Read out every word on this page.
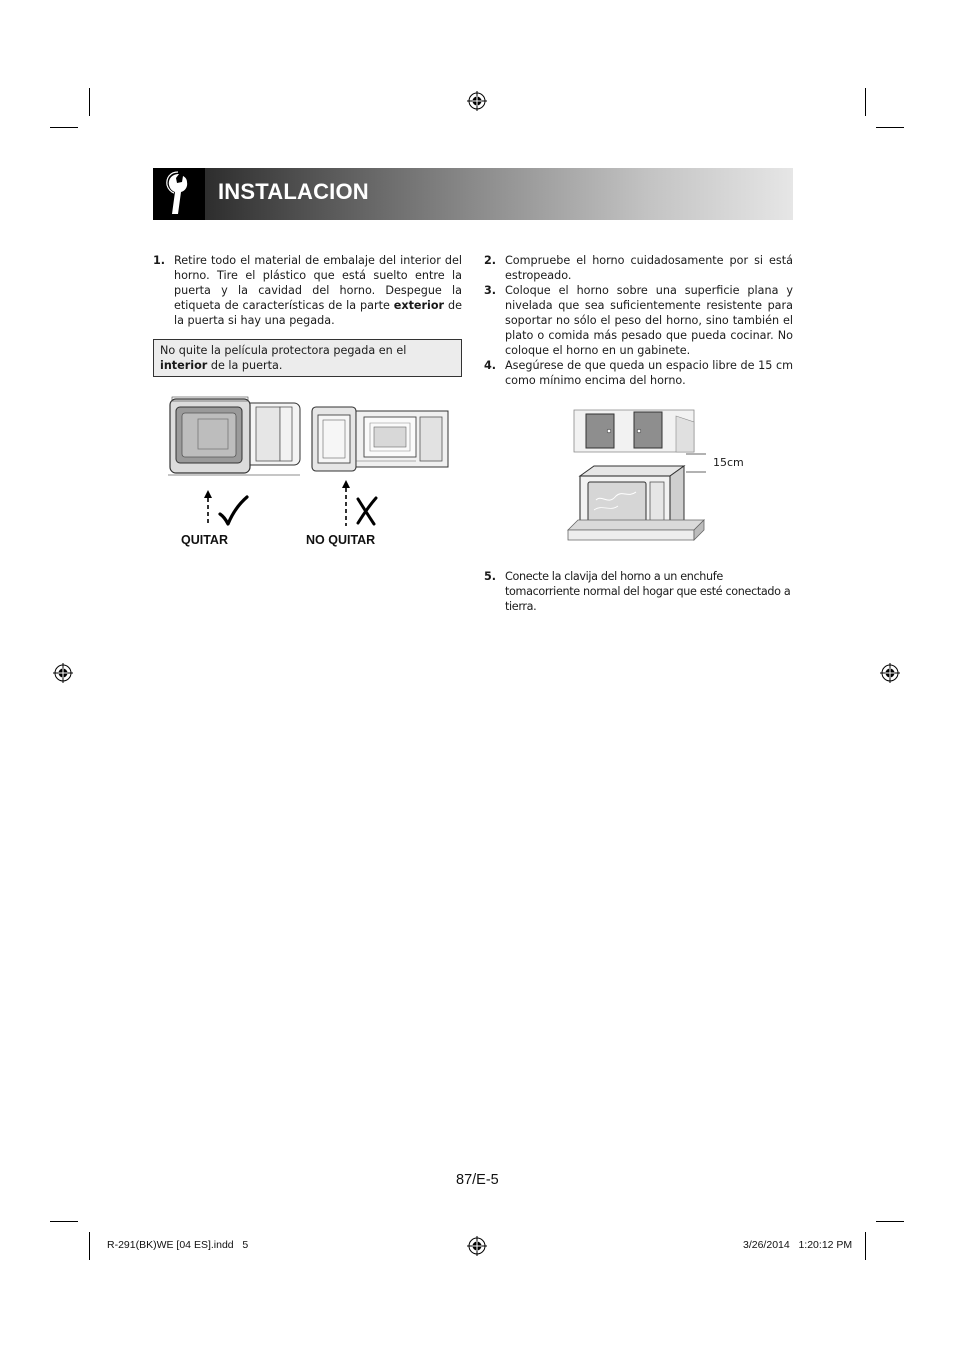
INSTALACION
1. Retire todo el material de embalaje del interior del horno. Tire el plástico que está suelto entre la puerta y la cavidad del horno. Despegue la etiqueta de características de la parte exterior de la puerta si hay una pegada.
No quite la película protectora pegada en el interior de la puerta.
QUITAR	NO QUITAR
2. Compruebe el horno cuidadosamente por si está estropeado.
3. Coloque el horno sobre una superficie plana y nivelada que sea suficientemente resistente para soportar no sólo el peso del horno, sino también el plato o comida más pesado que pueda cocinar. No coloque el horno en un gabinete.
4. Asegúrese de que queda un espacio libre de 15 cm como mínimo encima del horno.
15cm
5. Conecte la clavija del horno a un enchufe tomacorriente normal del hogar que esté conectado a tierra.
87/E-5
R-291(BK)WE [04 ES].indd   5	3/26/2014   1:20:12 PM
